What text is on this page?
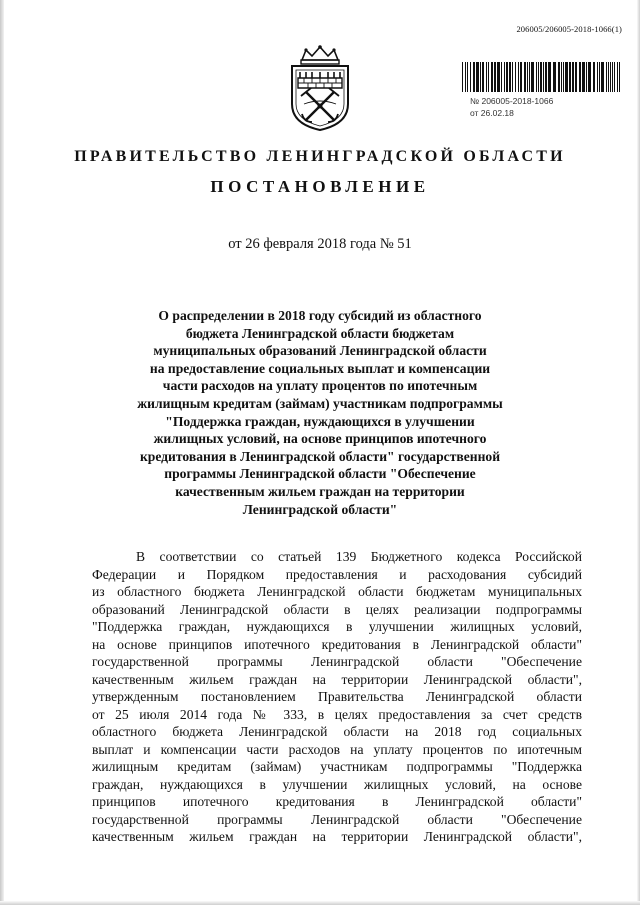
206005/206005-2018-1066(1)
№ 206005-2018-1066
от 26.02.18
ПРАВИТЕЛЬСТВО ЛЕНИНГРАДСКОЙ ОБЛАСТИ
ПОСТАНОВЛЕНИЕ
от 26 февраля 2018 года № 51
О распределении в 2018 году субсидий из областного
бюджета Ленинградской области бюджетам
муниципальных образований Ленинградской области
на предоставление социальных выплат и компенсации
части расходов на уплату процентов по ипотечным
жилищным кредитам (займам) участникам подпрограммы
"Поддержка граждан, нуждающихся в улучшении
жилищных условий, на основе принципов ипотечного
кредитования в Ленинградской области" государственной
программы Ленинградской области "Обеспечение
качественным жильем граждан на территории
Ленинградской области"
В соответствии со статьей 139 Бюджетного кодекса Российской
Федерации и Порядком предоставления и расходования субсидий
из областного бюджета Ленинградской области бюджетам муниципальных
образований Ленинградской области в целях реализации подпрограммы
"Поддержка граждан, нуждающихся в улучшении жилищных условий,
на основе принципов ипотечного кредитования в Ленинградской области"
государственной программы Ленинградской области "Обеспечение
качественным жильем граждан на территории Ленинградской области",
утвержденным постановлением Правительства Ленинградской области
от 25 июля 2014 года № 333, в целях предоставления за счет средств
областного бюджета Ленинградской области на 2018 год социальных
выплат и компенсации части расходов на уплату процентов по ипотечным
жилищным кредитам (займам) участникам подпрограммы "Поддержка
граждан, нуждающихся в улучшении жилищных условий, на основе
принципов ипотечного кредитования в Ленинградской области"
государственной программы Ленинградской области "Обеспечение
качественным жильем граждан на территории Ленинградской области",
